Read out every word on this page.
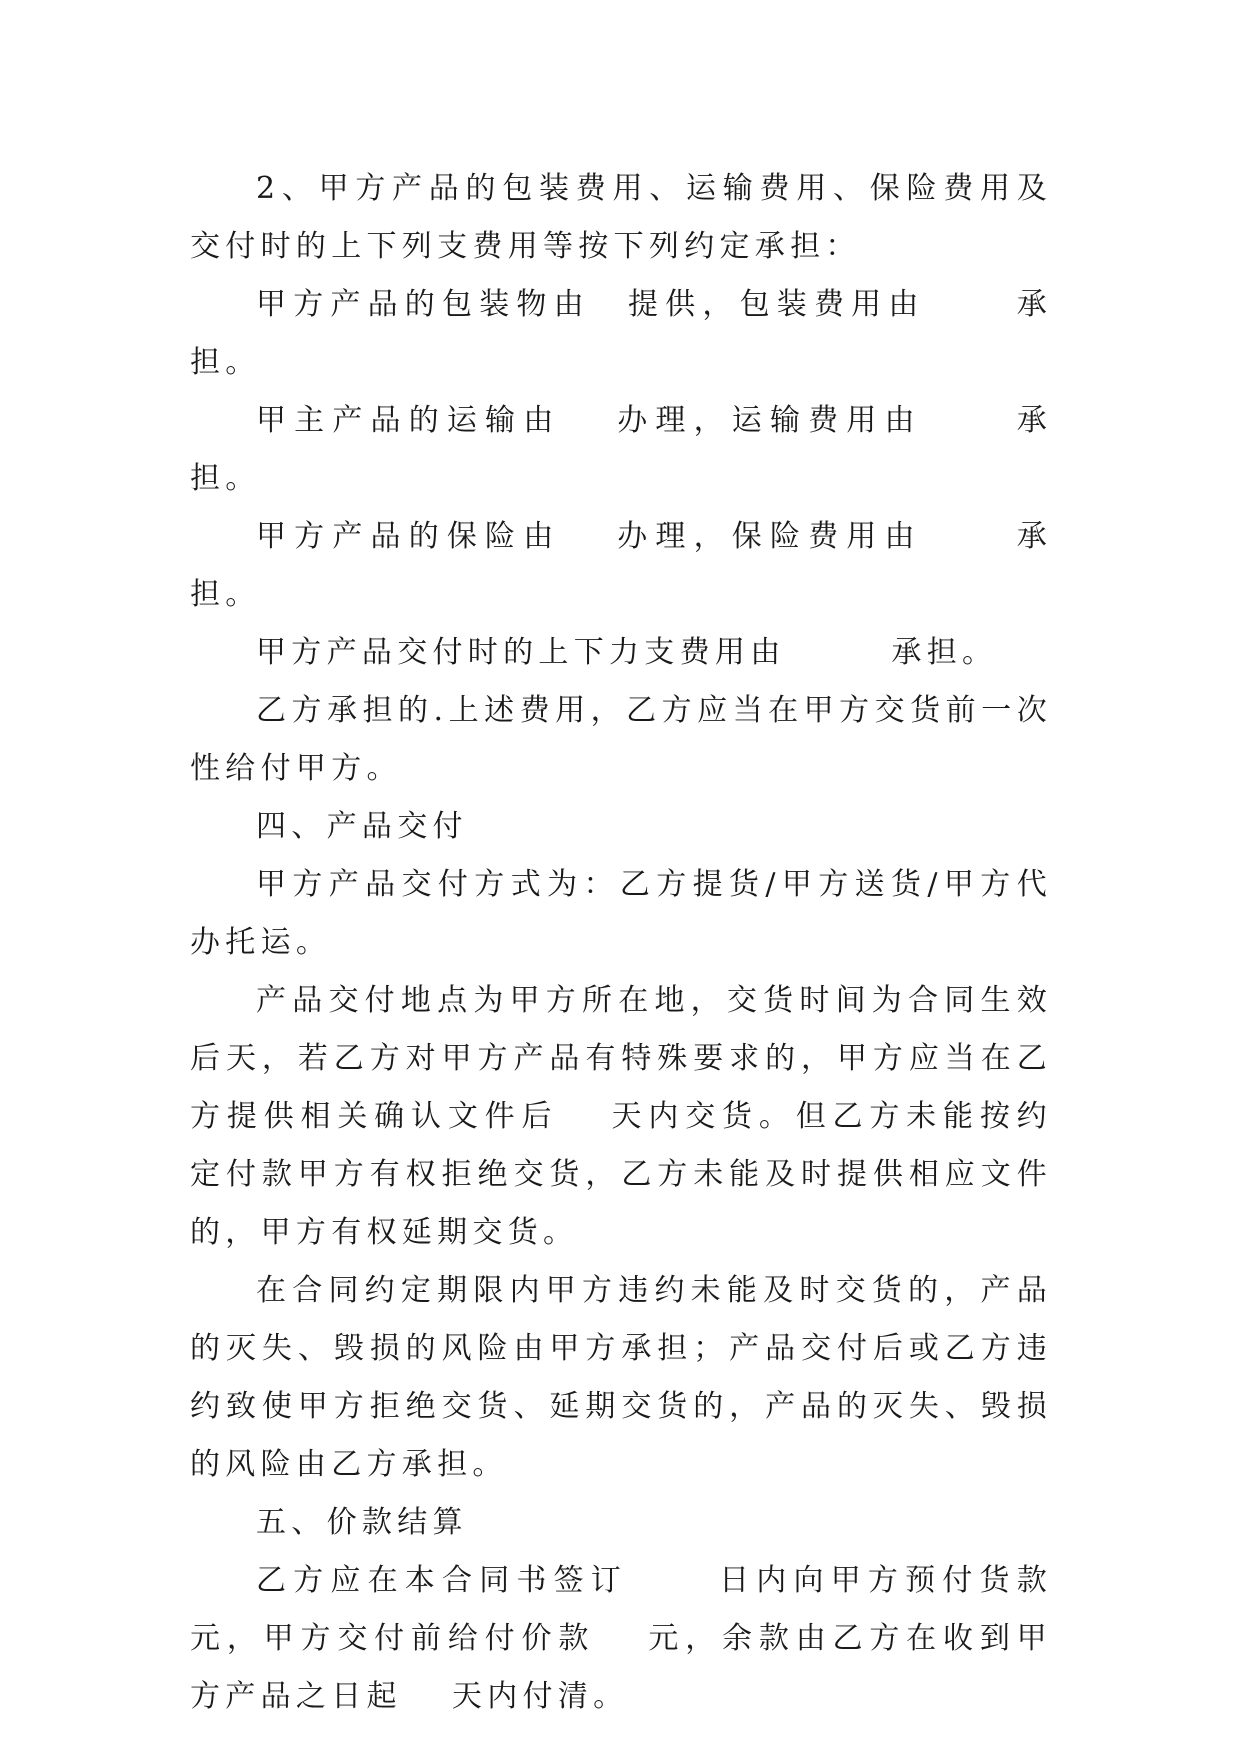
2、甲方产品的包装费用、运输费用、保险费用及交付时的上下列支费用等按下列约定承担：

甲方产品的包装物由　提供，包装费用由　　 承担。

甲主产品的运输由　 办理，运输费用由　　 承担。

甲方产品的保险由　 办理，保险费用由　　 承担。

甲方产品交付时的上下力支费用由　　　承担。

乙方承担的.上述费用，乙方应当在甲方交货前一次性给付甲方。

四、产品交付

甲方产品交付方式为：乙方提货/甲方送货/甲方代办托运。

产品交付地点为甲方所在地，交货时间为合同生效后天，若乙方对甲方产品有特殊要求的，甲方应当在乙方提供相关确认文件后　 天内交货。但乙方未能按约定付款甲方有权拒绝交货，乙方未能及时提供相应文件的，甲方有权延期交货。

在合同约定期限内甲方违约未能及时交货的，产品的灭失、毁损的风险由甲方承担；产品交付后或乙方违约致使甲方拒绝交货、延期交货的，产品的灭失、毁损的风险由乙方承担。

五、价款结算

乙方应在本合同书签订　　 日内向甲方预付货款元，甲方交付前给付价款　 元，余款由乙方在收到甲方产品之日起　 天内付清。
